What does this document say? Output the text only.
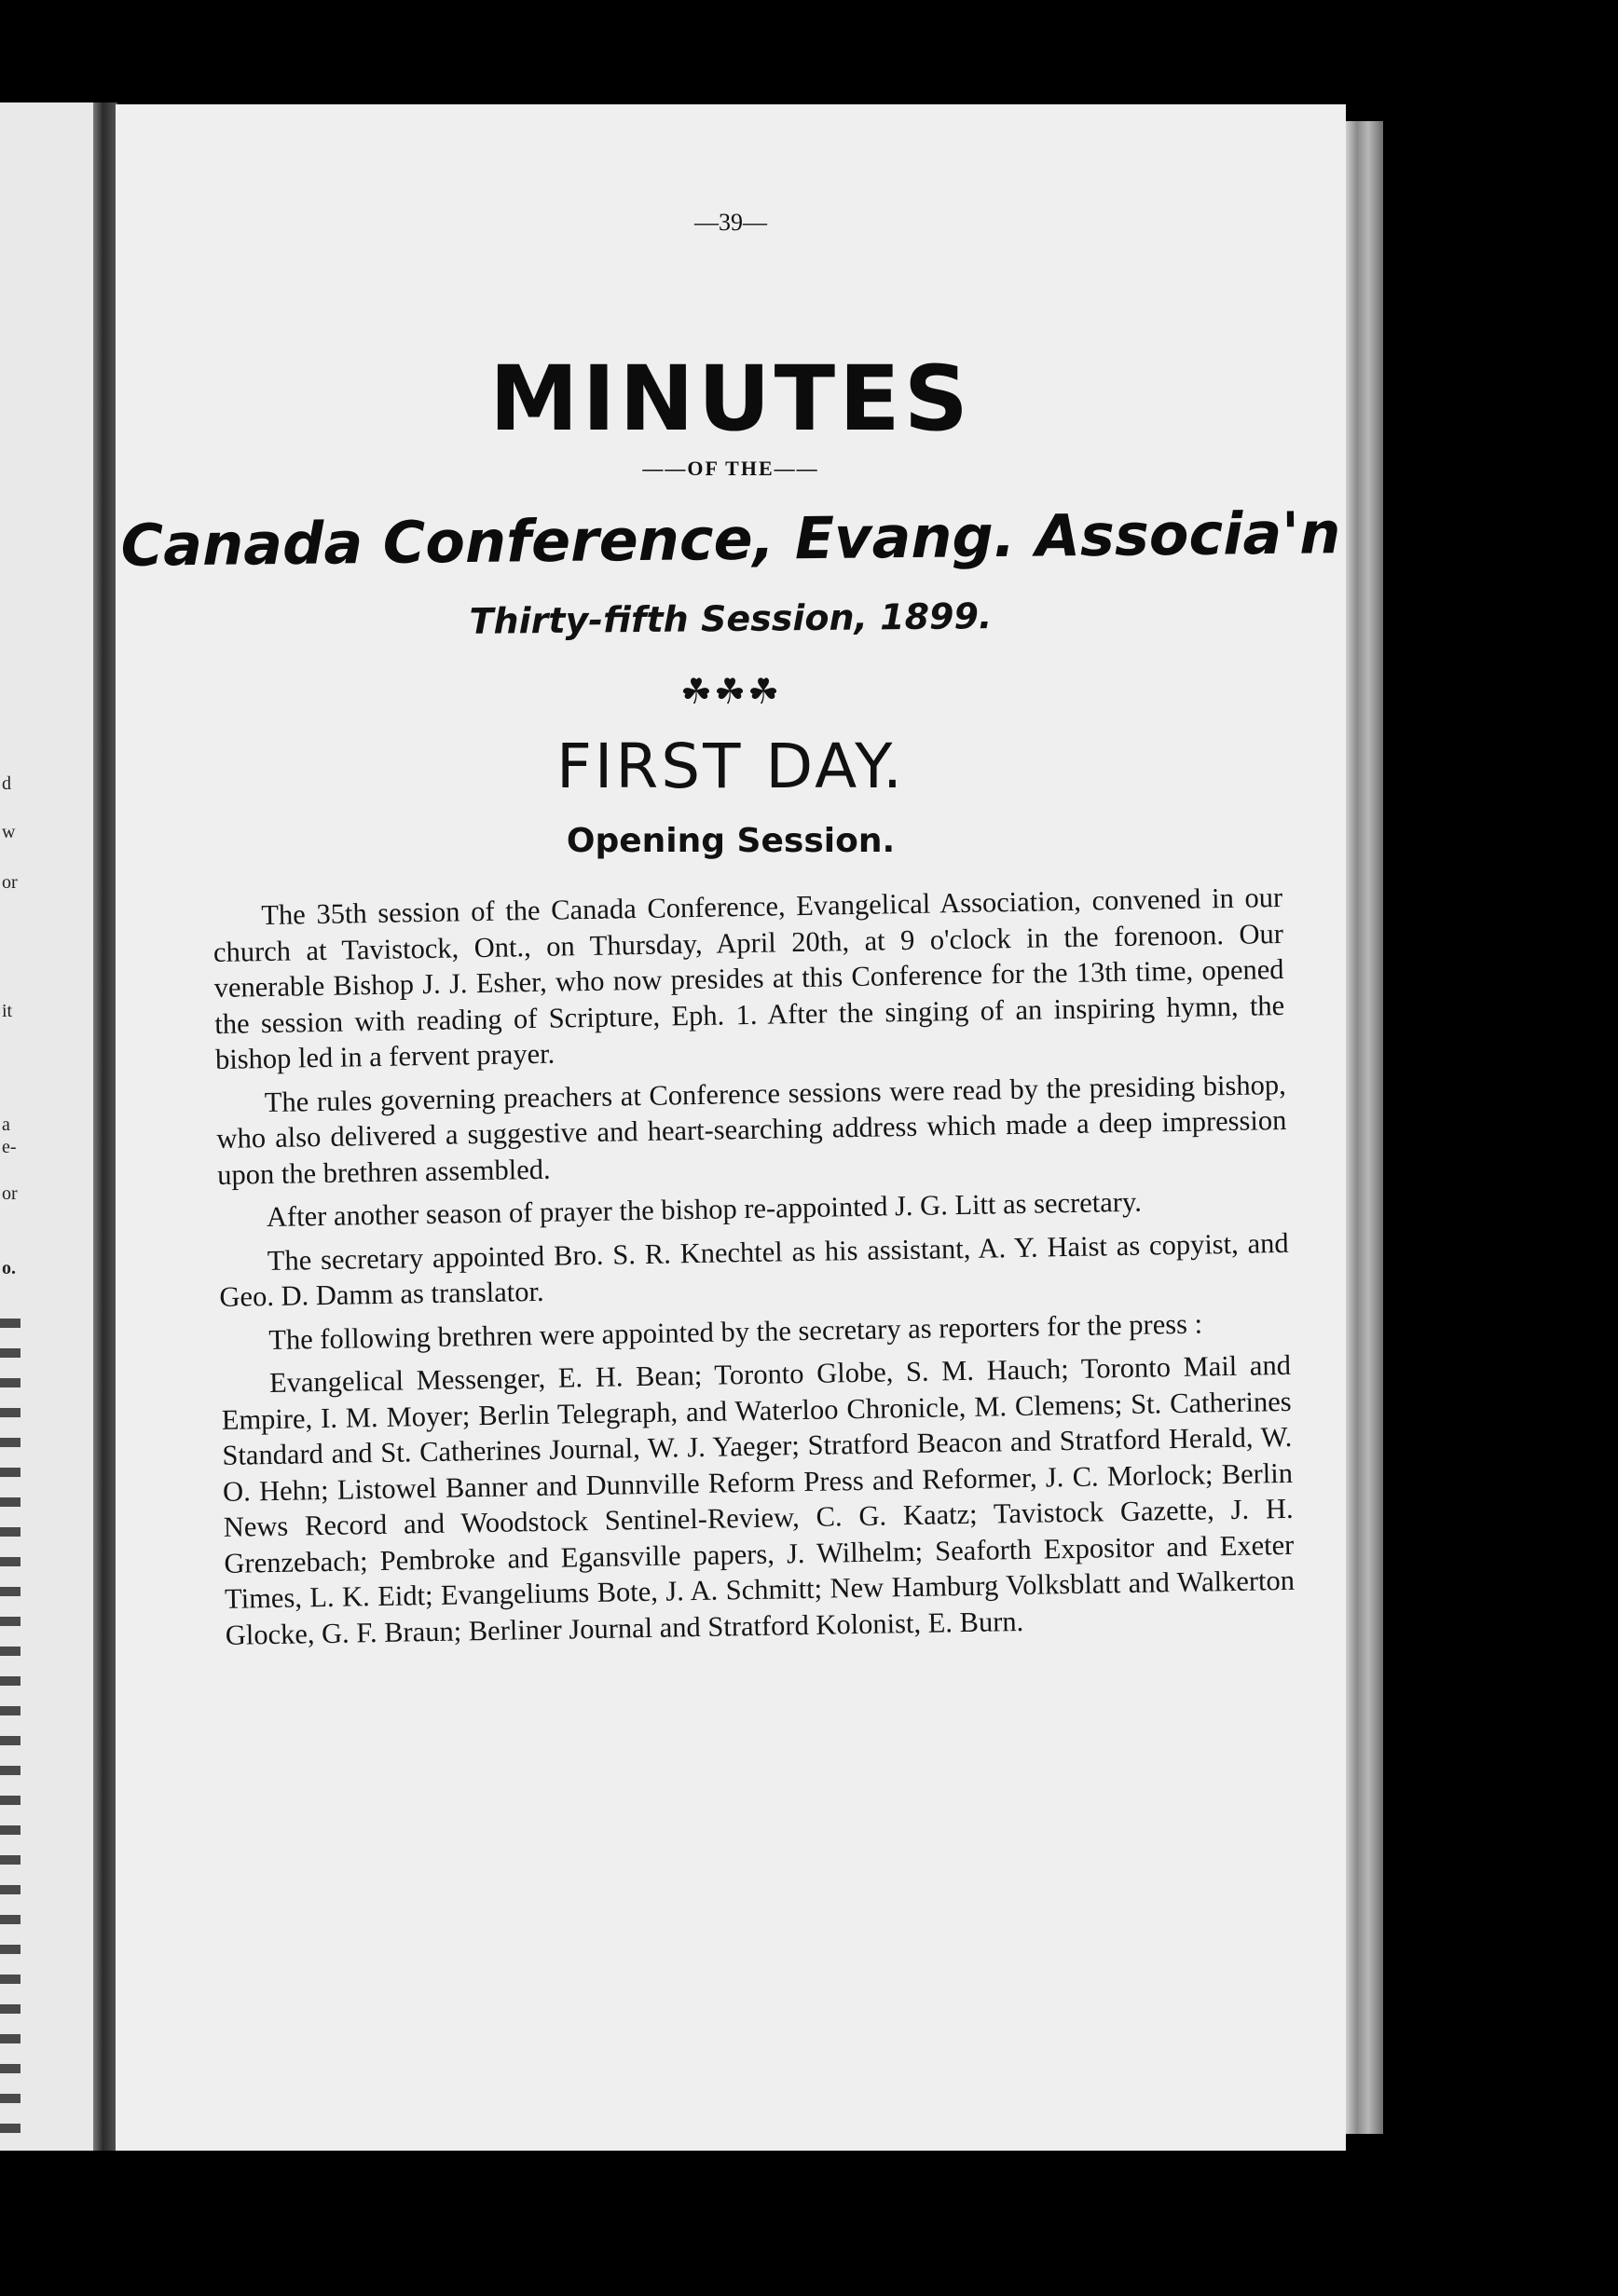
d
w
or
it
a
e-
or
o.
—39—
MINUTES
——OF THE——
Canada Conference, Evang. Associa'n
Thirty-fifth Session, 1899.
☘☘☘
FIRST DAY.
Opening Session.

The 35th session of the Canada Conference, Evangelical Association, convened in our church at Tavistock, Ont., on Thursday, April 20th, at 9 o'clock in the forenoon. Our venerable Bishop J. J. Esher, who now presides at this Conference for the 13th time, opened the session with reading of Scripture, Eph. 1. After the singing of an inspiring hymn, the bishop led in a fervent prayer.

The rules governing preachers at Conference sessions were read by the presiding bishop, who also delivered a suggestive and heart-searching address which made a deep impression upon the brethren assembled.

After another season of prayer the bishop re-appointed J. G. Litt as secretary.

The secretary appointed Bro. S. R. Knechtel as his assistant, A. Y. Haist as copyist, and Geo. D. Damm as translator.

The following brethren were appointed by the secretary as reporters for the press :

Evangelical Messenger, E. H. Bean; Toronto Globe, S. M. Hauch; Toronto Mail and Empire, I. M. Moyer; Berlin Telegraph, and Waterloo Chronicle, M. Clemens; St. Catherines Standard and St. Catherines Journal, W. J. Yaeger; Stratford Beacon and Stratford Herald, W. O. Hehn; Listowel Banner and Dunnville Reform Press and Reformer, J. C. Morlock; Berlin News Record and Woodstock Sentinel-Review, C. G. Kaatz; Tavistock Gazette, J. H. Grenzebach; Pembroke and Egansville papers, J. Wilhelm; Seaforth Expositor and Exeter Times, L. K. Eidt; Evangeliums Bote, J. A. Schmitt; New Hamburg Volksblatt and Walkerton Glocke, G. F. Braun; Berliner Journal and Stratford Kolonist, E. Burn.
